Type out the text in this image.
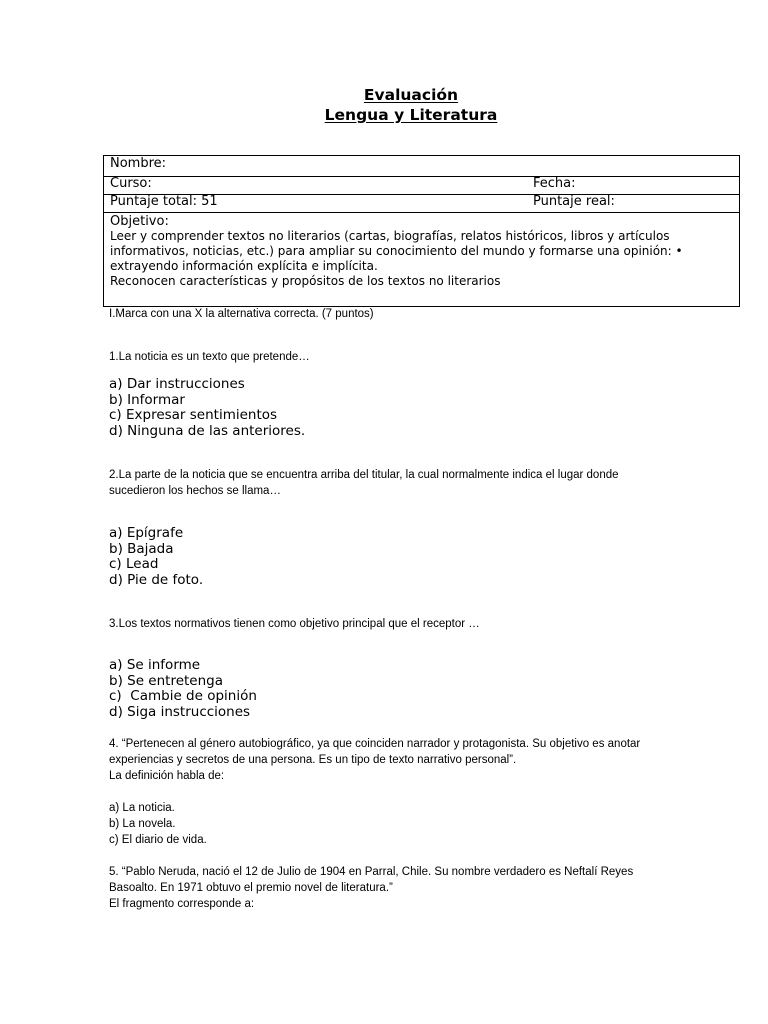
Evaluación
Lengua y Literatura
Nombre:
Curso:	Fecha:
Puntaje total: 51	Puntaje real:
Objetivo:
Leer y comprender textos no literarios (cartas, biografías, relatos históricos, libros y artículos
informativos, noticias, etc.) para ampliar su conocimiento del mundo y formarse una opinión: •
extrayendo información explícita e implícita.
Reconocen características y propósitos de los textos no literarios
I.Marca con una X la alternativa correcta. (7 puntos)
1.La noticia es un texto que pretende…
a) Dar instrucciones
b) Informar
c) Expresar sentimientos
d) Ninguna de las anteriores.
2.La parte de la noticia que se encuentra arriba del titular, la cual normalmente indica el lugar donde
sucedieron los hechos se llama…
a) Epígrafe
b) Bajada
c) Lead
d) Pie de foto.
3.Los textos normativos tienen como objetivo principal que el receptor …
a) Se informe
b) Se entretenga
c)  Cambie de opinión
d) Siga instrucciones
4. “Pertenecen al género autobiográfico, ya que coinciden narrador y protagonista. Su objetivo es anotar
experiencias y secretos de una persona. Es un tipo de texto narrativo personal”.
La definición habla de:
a) La noticia.
b) La novela.
c) El diario de vida.
5. “Pablo Neruda, nació el 12 de Julio de 1904 en Parral, Chile. Su nombre verdadero es Neftalí Reyes
Basoalto. En 1971 obtuvo el premio novel de literatura.”
El fragmento corresponde a:
